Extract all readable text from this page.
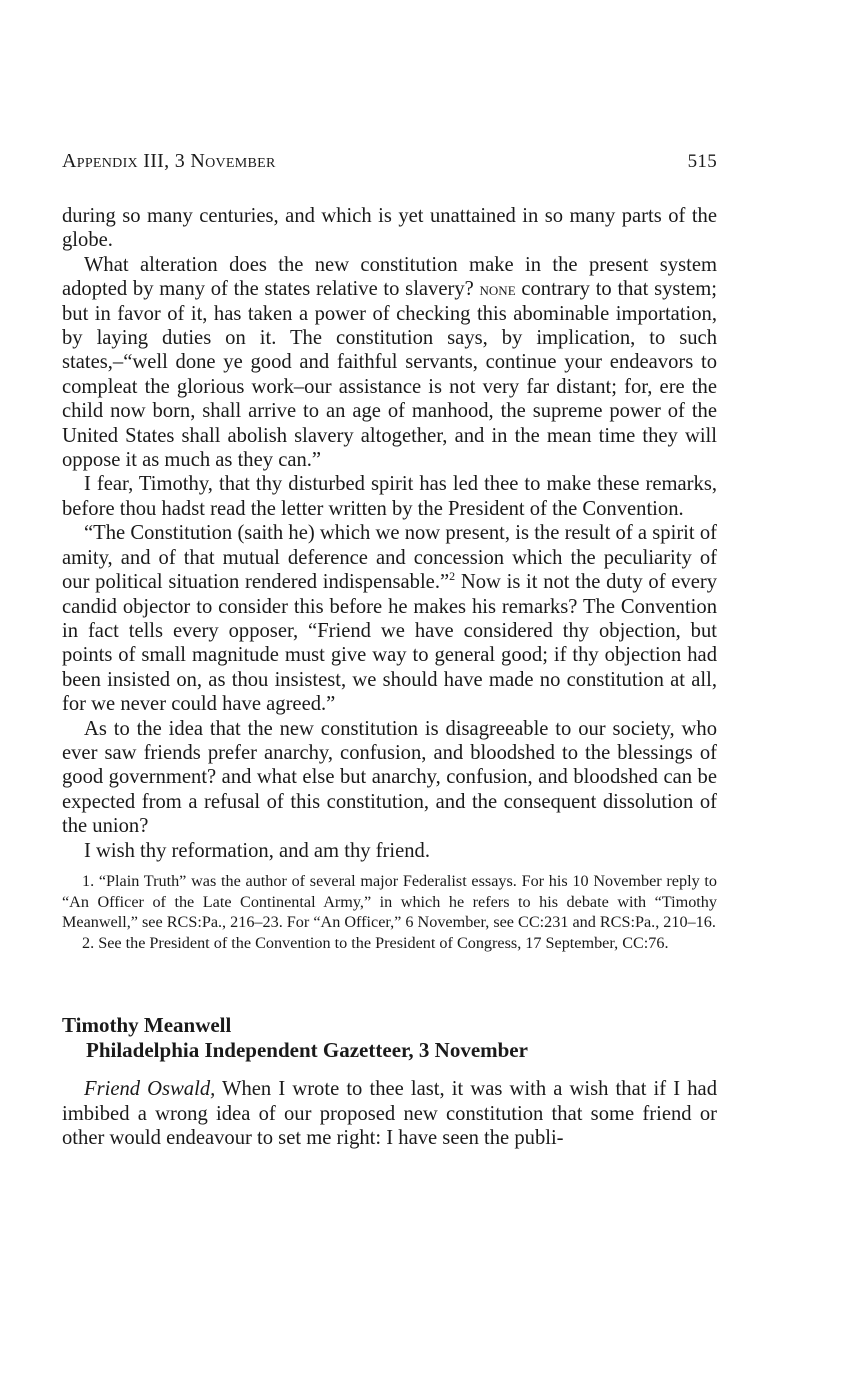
Appendix III, 3 November	515

during so many centuries, and which is yet unattained in so many parts of the globe.

What alteration does the new constitution make in the present system adopted by many of the states relative to slavery? none contrary to that system; but in favor of it, has taken a power of checking this abominable importation, by laying duties on it. The constitution says, by implication, to such states,–“well done ye good and faithful servants, continue your endeavors to compleat the glorious work–our assistance is not very far distant; for, ere the child now born, shall arrive to an age of manhood, the supreme power of the United States shall abolish slavery altogether, and in the mean time they will oppose it as much as they can.”

I fear, Timothy, that thy disturbed spirit has led thee to make these remarks, before thou hadst read the letter written by the President of the Convention.

“The Constitution (saith he) which we now present, is the result of a spirit of amity, and of that mutual deference and concession which the peculiarity of our political situation rendered indispensable.”$^2$ Now is it not the duty of every candid objector to consider this before he makes his remarks? The Convention in fact tells every opposer, “Friend we have considered thy objection, but points of small magnitude must give way to general good; if thy objection had been insisted on, as thou insistest, we should have made no constitution at all, for we never could have agreed.”

As to the idea that the new constitution is disagreeable to our society, who ever saw friends prefer anarchy, confusion, and bloodshed to the blessings of good government? and what else but anarchy, confusion, and bloodshed can be expected from a refusal of this constitution, and the consequent dissolution of the union?

I wish thy reformation, and am thy friend.

1. “Plain Truth” was the author of several major Federalist essays. For his 10 November reply to “An Officer of the Late Continental Army,” in which he refers to his debate with “Timothy Meanwell,” see RCS:Pa., 216–23. For “An Officer,” 6 November, see CC:231 and RCS:Pa., 210–16.

2. See the President of the Convention to the President of Congress, 17 September, CC:76.

Timothy Meanwell
Philadelphia Independent Gazetteer, 3 November

Friend Oswald, When I wrote to thee last, it was with a wish that if I had imbibed a wrong idea of our proposed new constitution that some friend or other would endeavour to set me right: I have seen the publi-
